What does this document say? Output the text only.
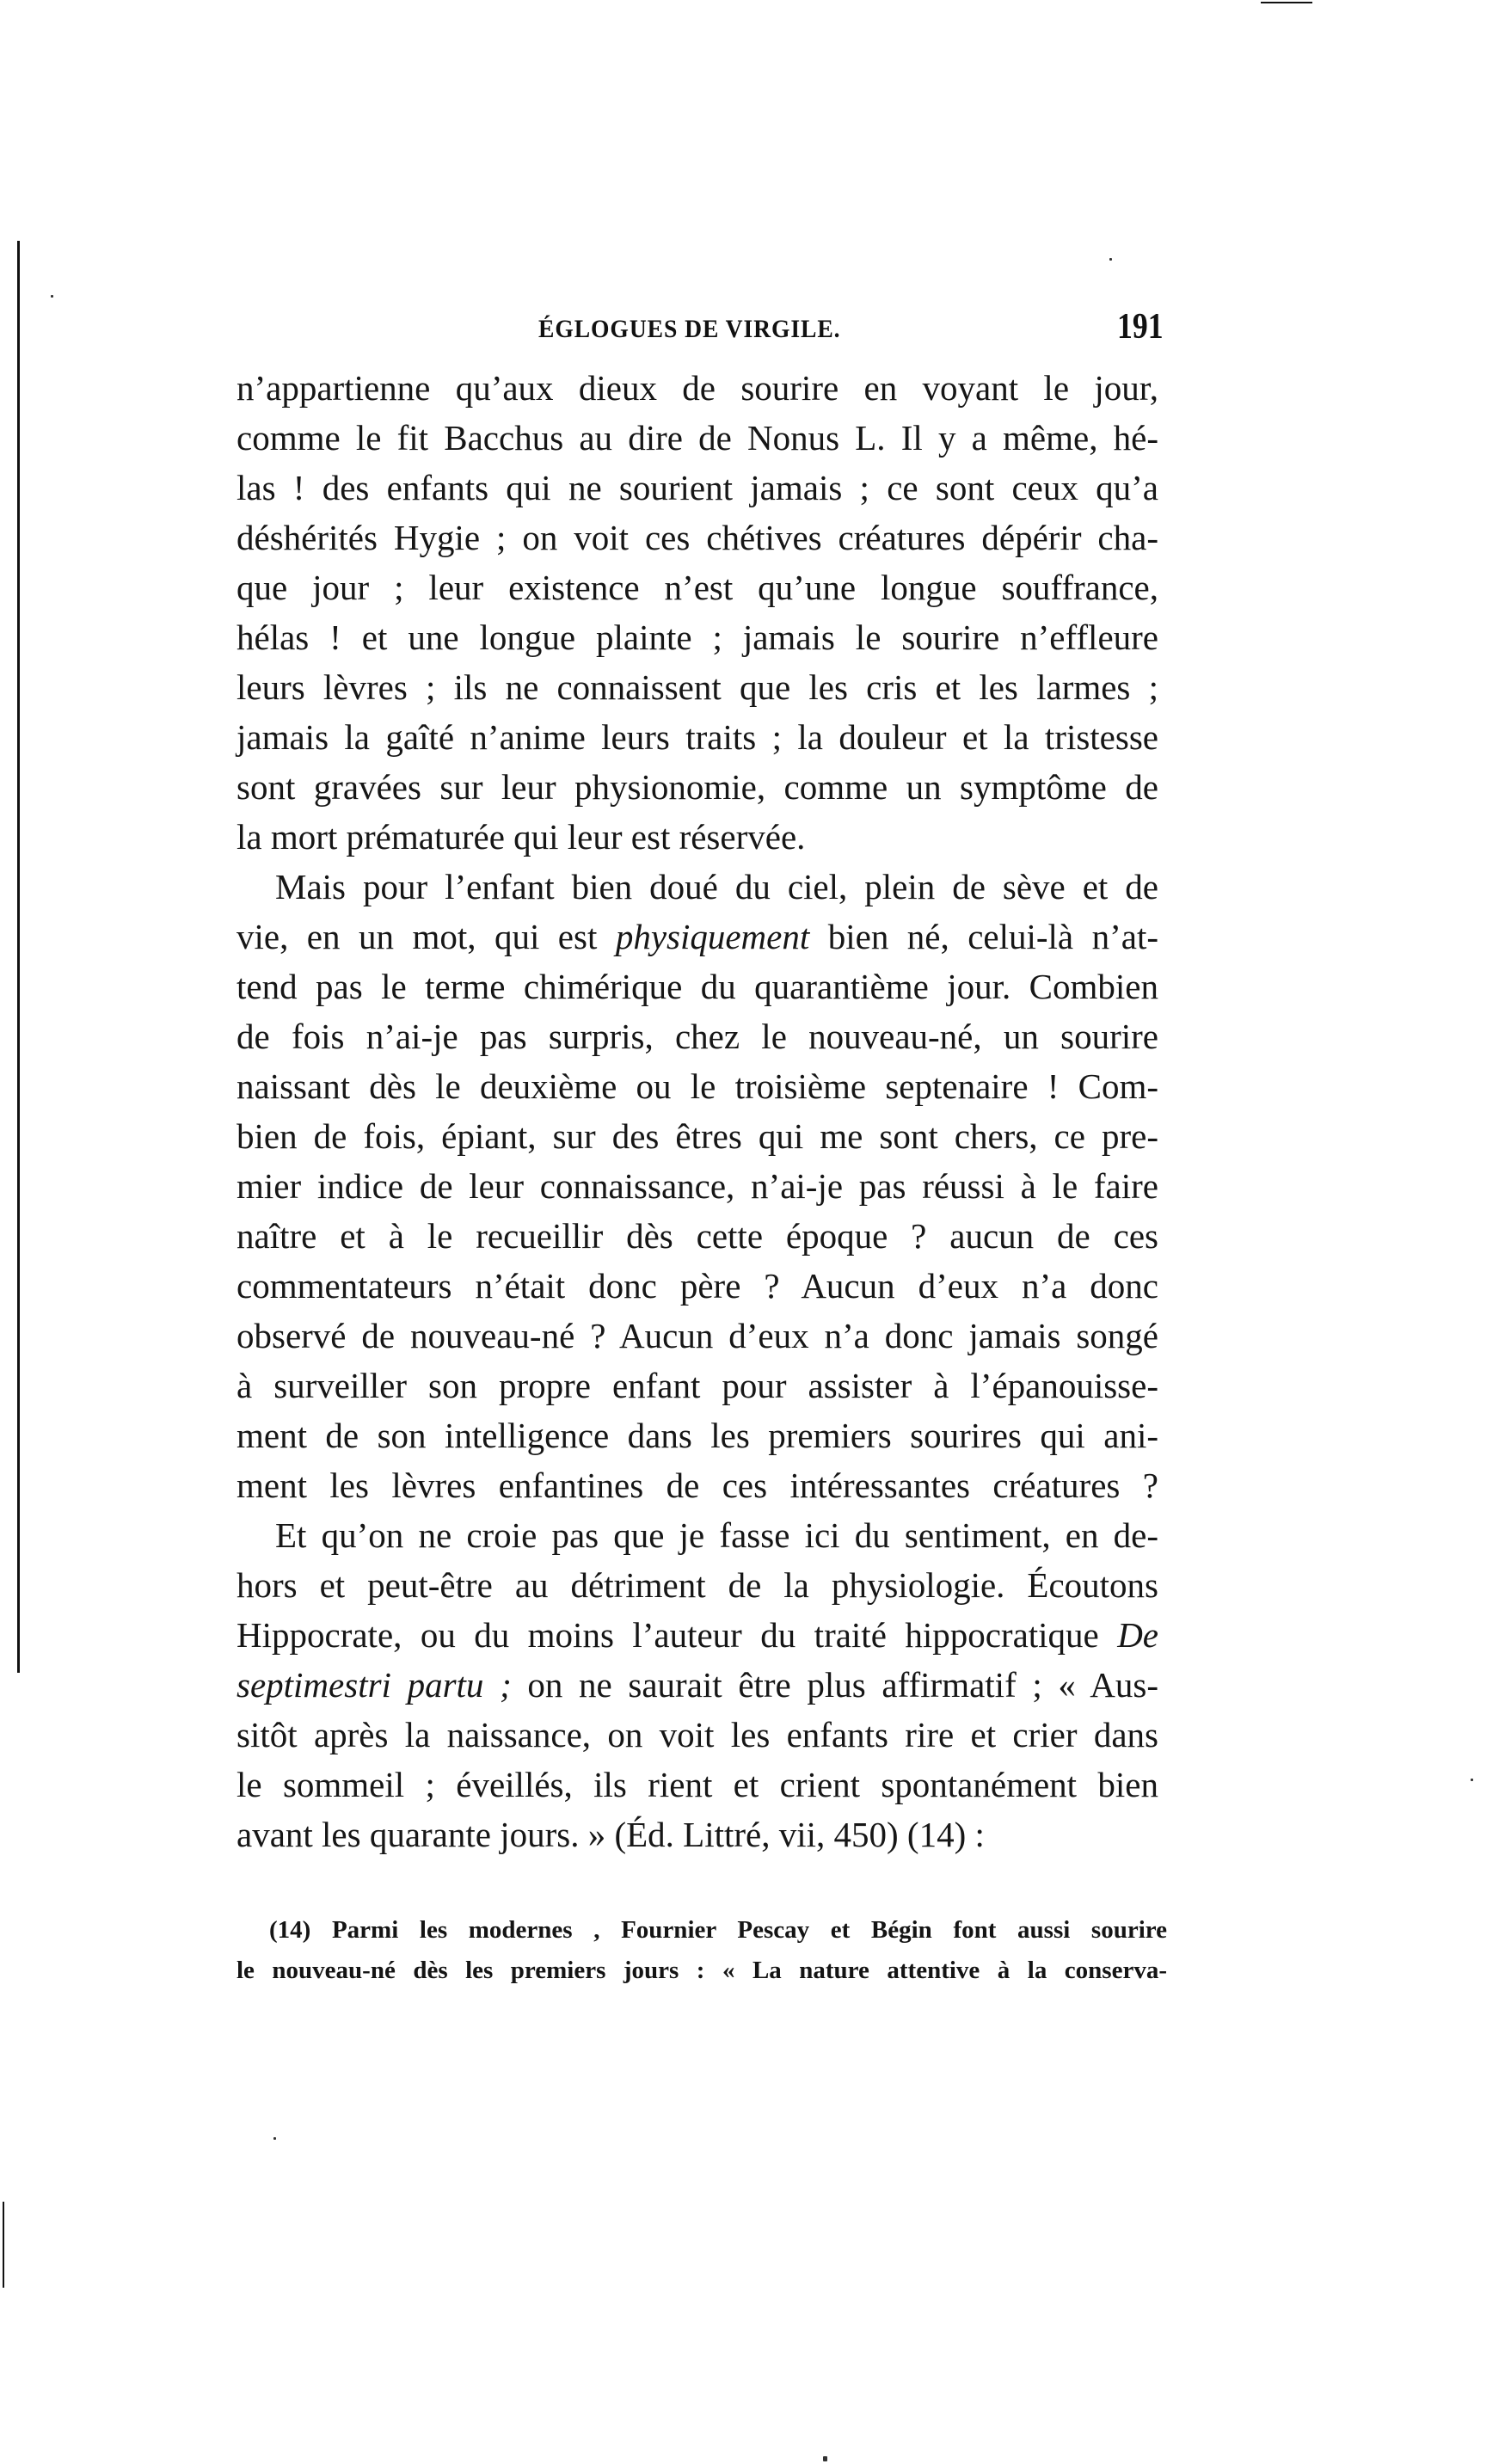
ÉGLOGUES DE VIRGILE.	191
n’appartienne qu’aux dieux de sourire en voyant le jour,
comme le fit Bacchus au dire de Nonus L. Il y a même, hé-
las ! des enfants qui ne sourient jamais ; ce sont ceux qu’a
déshérités Hygie ; on voit ces chétives créatures dépérir cha-
que jour ; leur existence n’est qu’une longue souffrance,
hélas ! et une longue plainte ; jamais le sourire n’effleure
leurs lèvres ; ils ne connaissent que les cris et les larmes ;
jamais la gaîté n’anime leurs traits ; la douleur et la tristesse
sont gravées sur leur physionomie, comme un symptôme de
la mort prématurée qui leur est réservée.
Mais pour l’enfant bien doué du ciel, plein de sève et de
vie, en un mot, qui est physiquement bien né, celui-là n’at-
tend pas le terme chimérique du quarantième jour. Combien
de fois n’ai-je pas surpris, chez le nouveau-né, un sourire
naissant dès le deuxième ou le troisième septenaire ! Com-
bien de fois, épiant, sur des êtres qui me sont chers, ce pre-
mier indice de leur connaissance, n’ai-je pas réussi à le faire
naître et à le recueillir dès cette époque ? aucun de ces
commentateurs n’était donc père ? Aucun d’eux n’a donc
observé de nouveau-né ? Aucun d’eux n’a donc jamais songé
à surveiller son propre enfant pour assister à l’épanouisse-
ment de son intelligence dans les premiers sourires qui ani-
ment les lèvres enfantines de ces intéressantes créatures ?
Et qu’on ne croie pas que je fasse ici du sentiment, en de-
hors et peut-être au détriment de la physiologie. Écoutons
Hippocrate, ou du moins l’auteur du traité hippocratique De
septimestri partu ; on ne saurait être plus affirmatif ; « Aus-
sitôt après la naissance, on voit les enfants rire et crier dans
le sommeil ; éveillés, ils rient et crient spontanément bien
avant les quarante jours. » (Éd. Littré, vii, 450) (14) :
(14) Parmi les modernes , Fournier Pescay et Bégin font aussi sourire
le nouveau-né dès les premiers jours : « La nature attentive à la conserva-
